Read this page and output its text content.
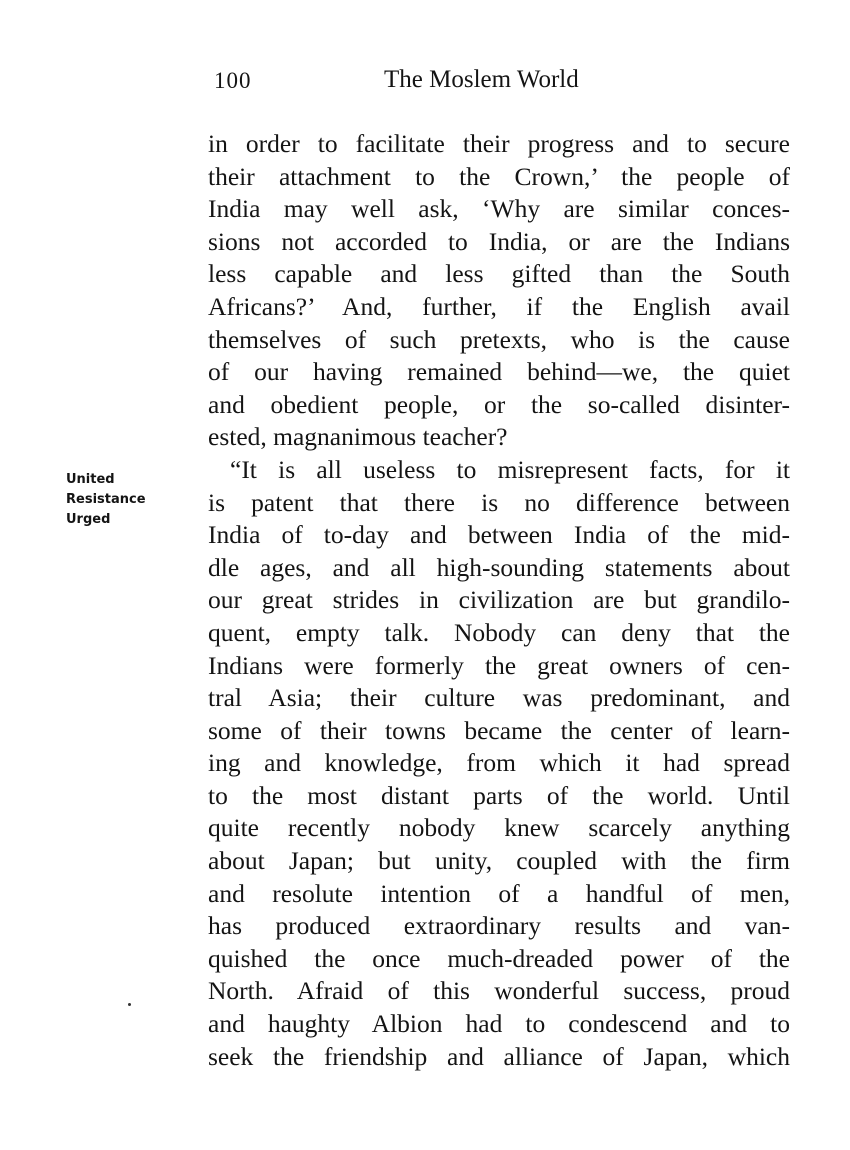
100	The Moslem World
United
Resistance
Urged
in order to facilitate their progress and to secure
their attachment to the Crown,’ the people of
India may well ask, ‘Why are similar conces-
sions not accorded to India, or are the Indians
less capable and less gifted than the South
Africans?’ And, further, if the English avail
themselves of such pretexts, who is the cause
of our having remained behind—we, the quiet
and obedient people, or the so-called disinter-
ested, magnanimous teacher?
“It is all useless to misrepresent facts, for it
is patent that there is no difference between
India of to-day and between India of the mid-
dle ages, and all high-sounding statements about
our great strides in civilization are but grandilo-
quent, empty talk. Nobody can deny that the
Indians were formerly the great owners of cen-
tral Asia; their culture was predominant, and
some of their towns became the center of learn-
ing and knowledge, from which it had spread
to the most distant parts of the world. Until
quite recently nobody knew scarcely anything
about Japan; but unity, coupled with the firm
and resolute intention of a handful of men,
has produced extraordinary results and van-
quished the once much-dreaded power of the
North. Afraid of this wonderful success, proud
and haughty Albion had to condescend and to
seek the friendship and alliance of Japan, which
